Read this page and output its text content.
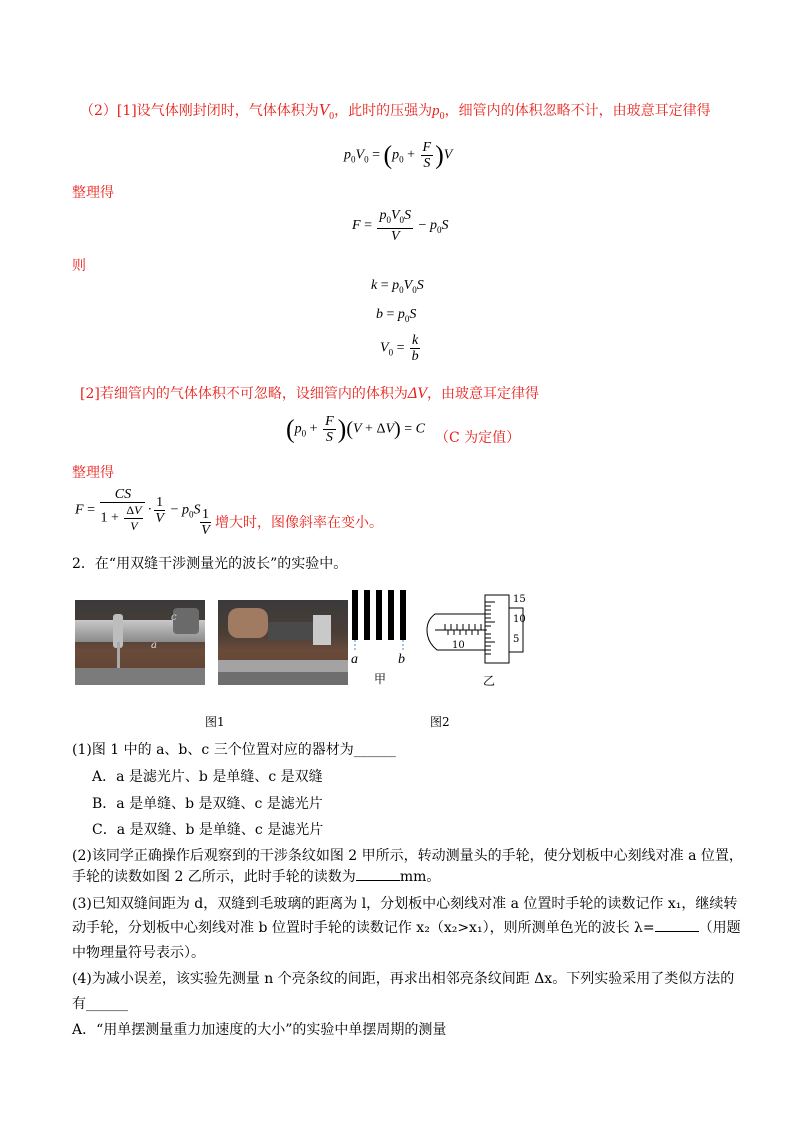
（2）[1]设气体刚封闭时，气体体积为$V_0$，此时的压强为$p_0$，细管内的体积忽略不计，由玻意耳定律得
$p_0V_0 = (p_0 + \frac{F}{S} )V$
整理得
$F = \frac{p_0V_0S}{V} - p_0S$
则
$k = p_0V_0S$
$b = p_0S$
$V_0 = \frac{k}{b}$
[2]若细管内的气体体积不可忽略，设细管内的体积为ΔV，由玻意耳定律得
$(p_0 + \frac{F}{S} )(V + \Delta V) = C$
（C 为定值）
整理得
$F = \frac{CS}{1 + \frac{\Delta V}{V}} \cdot \frac{1}{V} - p_0S \frac{1}{V}$ 增大时，图像斜率在变小。
2．在“用双缝干涉测量光的波长”的实验中。
a
c
a	b
甲
15
10
5
10
乙
图1	图2
(1)图 1 中的 a、b、c 三个位置对应的器材为______
A．a 是滤光片、b 是单缝、c 是双缝
B．a 是单缝、b 是双缝、c 是滤光片
C．a 是双缝、b 是单缝、c 是滤光片
(2)该同学正确操作后观察到的干涉条纹如图 2 甲所示，转动测量头的手轮，使分划板中心刻线对准 a 位置，
手轮的读数如图 2 乙所示，此时手轮的读数为	mm。
(3)已知双缝间距为 d，双缝到毛玻璃的距离为 l，分划板中心刻线对准 a 位置时手轮的读数记作 x₁，继续转
动手轮，分划板中心刻线对准 b 位置时手轮的读数记作 x₂（x₂>x₁），则所测单色光的波长 λ=	（用题
中物理量符号表示）。
(4)为减小误差，该实验先测量 n 个亮条纹的间距，再求出相邻亮条纹间距 Δx。下列实验采用了类似方法的
有______
A．“用单摆测量重力加速度的大小”的实验中单摆周期的测量
